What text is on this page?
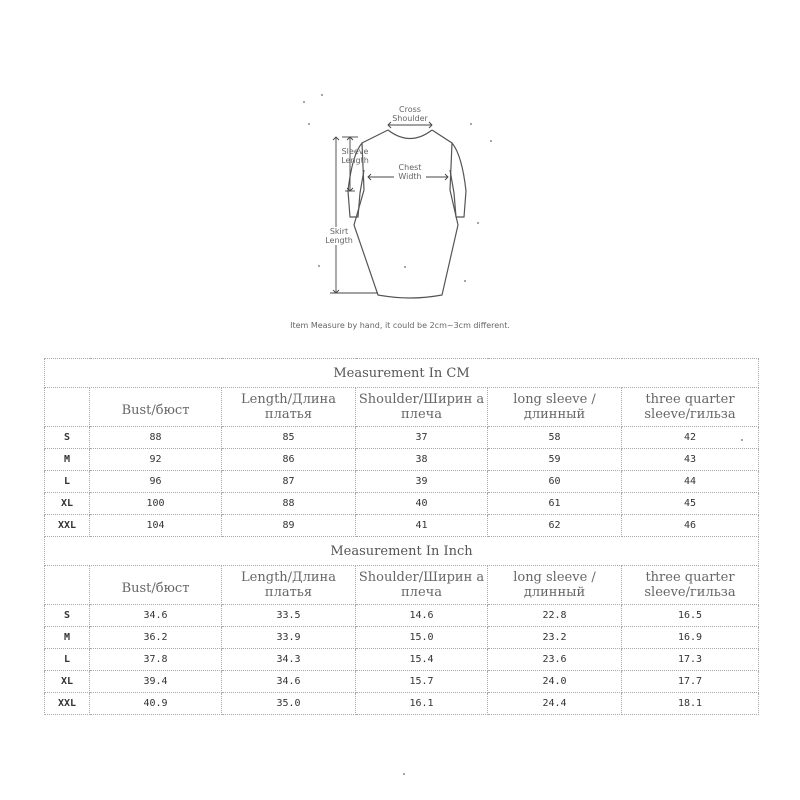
Cross
Shoulder
Sleeve
Length
Chest
Width
Skirt
Length
Item Measure by hand, it could be 2cm~3cm different.
Measurement In CM					
	Bust/бюст	Length/Длина платья	Shoulder/Ширин а плеча	long sleeve /длинный	three quarter sleeve/гильза
S	88	85	37	58	42
M	92	86	38	59	43
L	96	87	39	60	44
XL	100	88	40	61	45
XXL	104	89	41	62	46
Measurement In Inch					
	Bust/бюст	Length/Длина платья	Shoulder/Ширин а плеча	long sleeve /длинный	three quarter sleeve/гильза
S	34.6	33.5	14.6	22.8	16.5
M	36.2	33.9	15.0	23.2	16.9
L	37.8	34.3	15.4	23.6	17.3
XL	39.4	34.6	15.7	24.0	17.7
XXL	40.9	35.0	16.1	24.4	18.1
